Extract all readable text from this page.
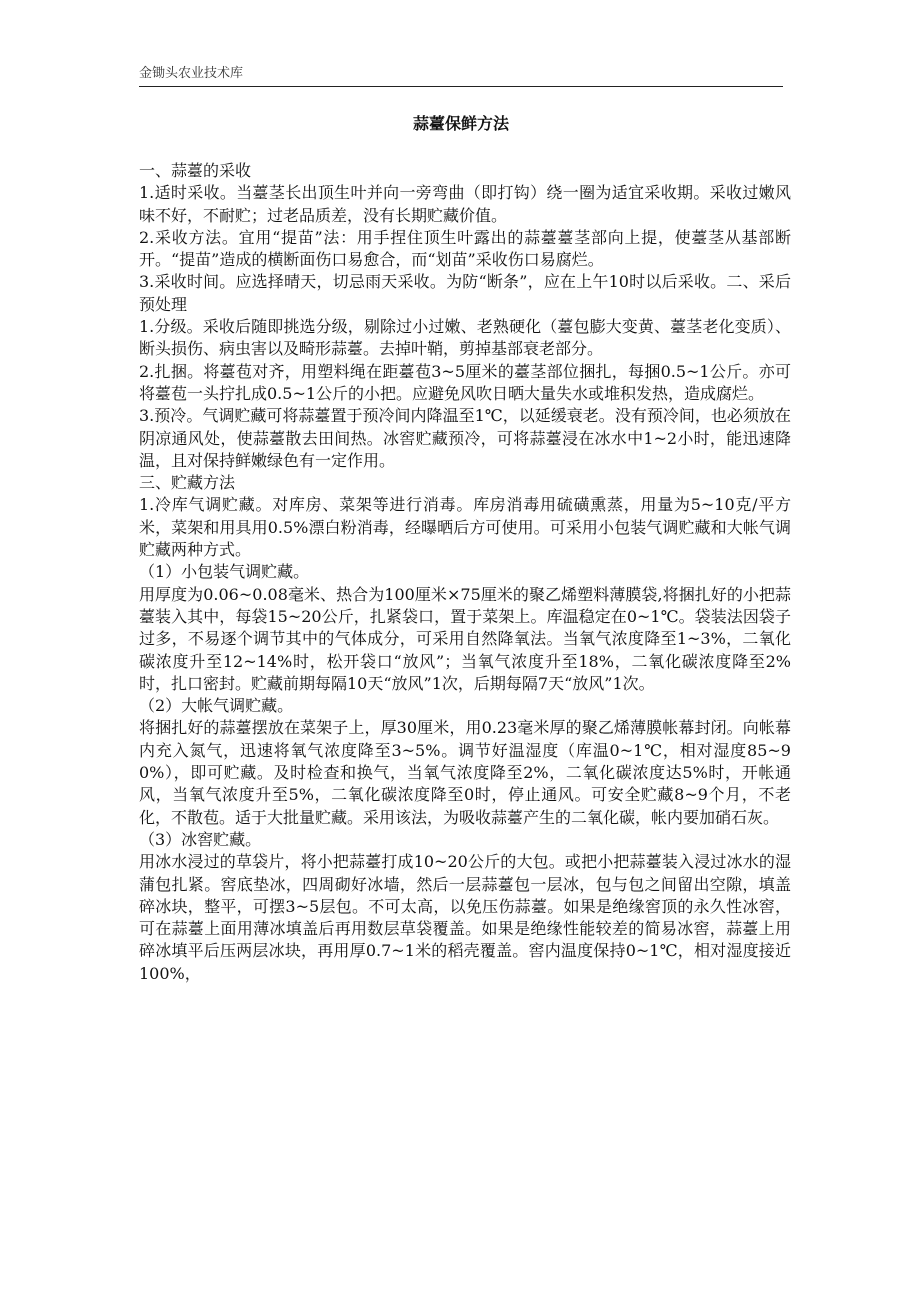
金锄头农业技术库
蒜薹保鲜方法

一、蒜薹的采收

1.适时采收。当薹茎长出顶生叶并向一旁弯曲（即打钩）绕一圈为适宜采收期。采收过嫩风味不好，不耐贮；过老品质差，没有长期贮藏价值。

2.采收方法。宜用“提苗”法：用手捏住顶生叶露出的蒜薹薹茎部向上提，使薹茎从基部断开。“提苗”造成的横断面伤口易愈合，而“划苗”采收伤口易腐烂。

3.采收时间。应选择晴天，切忌雨天采收。为防“断条”，应在上午10时以后采收。二、采后预处理

1.分级。采收后随即挑选分级，剔除过小过嫩、老熟硬化（薹包膨大变黄、薹茎老化变质）、断头损伤、病虫害以及畸形蒜薹。去掉叶鞘，剪掉基部衰老部分。

2.扎捆。将薹苞对齐，用塑料绳在距薹苞3~5厘米的薹茎部位捆扎，每捆0.5~1公斤。亦可将薹苞一头拧扎成0.5~1公斤的小把。应避免风吹日晒大量失水或堆积发热，造成腐烂。

3.预冷。气调贮藏可将蒜薹置于预冷间内降温至1℃，以延缓衰老。没有预冷间，也必须放在阴凉通风处，使蒜薹散去田间热。冰窖贮藏预冷，可将蒜薹浸在冰水中1~2小时，能迅速降温，且对保持鲜嫩绿色有一定作用。

三、贮藏方法

1.冷库气调贮藏。对库房、菜架等进行消毒。库房消毒用硫磺熏蒸，用量为5~10克/平方米，菜架和用具用0.5%漂白粉消毒，经曝晒后方可使用。可采用小包装气调贮藏和大帐气调贮藏两种方式。

（1）小包装气调贮藏。

用厚度为0.06~0.08毫米、热合为100厘米×75厘米的聚乙烯塑料薄膜袋,将捆扎好的小把蒜薹装入其中，每袋15~20公斤，扎紧袋口，置于菜架上。库温稳定在0~1℃。袋装法因袋子过多，不易逐个调节其中的气体成分，可采用自然降氧法。当氧气浓度降至1~3%，二氧化碳浓度升至12~14%时，松开袋口“放风”；当氧气浓度升至18%，二氧化碳浓度降至2%时，扎口密封。贮藏前期每隔10天“放风”1次，后期每隔7天“放风”1次。

（2）大帐气调贮藏。

将捆扎好的蒜薹摆放在菜架子上，厚30厘米，用0.23毫米厚的聚乙烯薄膜帐幕封闭。向帐幕内充入氮气，迅速将氧气浓度降至3~5%。调节好温湿度（库温0~1℃，相对湿度85~90%），即可贮藏。及时检查和换气，当氧气浓度降至2%，二氧化碳浓度达5%时，开帐通风，当氧气浓度升至5%，二氧化碳浓度降至0时，停止通风。可安全贮藏8~9个月，不老化，不散苞。适于大批量贮藏。采用该法，为吸收蒜薹产生的二氧化碳，帐内要加硝石灰。

（3）冰窖贮藏。

用冰水浸过的草袋片，将小把蒜薹打成10~20公斤的大包。或把小把蒜薹装入浸过冰水的湿蒲包扎紧。窖底垫冰，四周砌好冰墙，然后一层蒜薹包一层冰，包与包之间留出空隙，填盖碎冰块，整平，可摆3~5层包。不可太高，以免压伤蒜薹。如果是绝缘窖顶的永久性冰窖，可在蒜薹上面用薄冰填盖后再用数层草袋覆盖。如果是绝缘性能较差的简易冰窖，蒜薹上用碎冰填平后压两层冰块，再用厚0.7~1米的稻壳覆盖。窖内温度保持0~1℃，相对湿度接近100%，
